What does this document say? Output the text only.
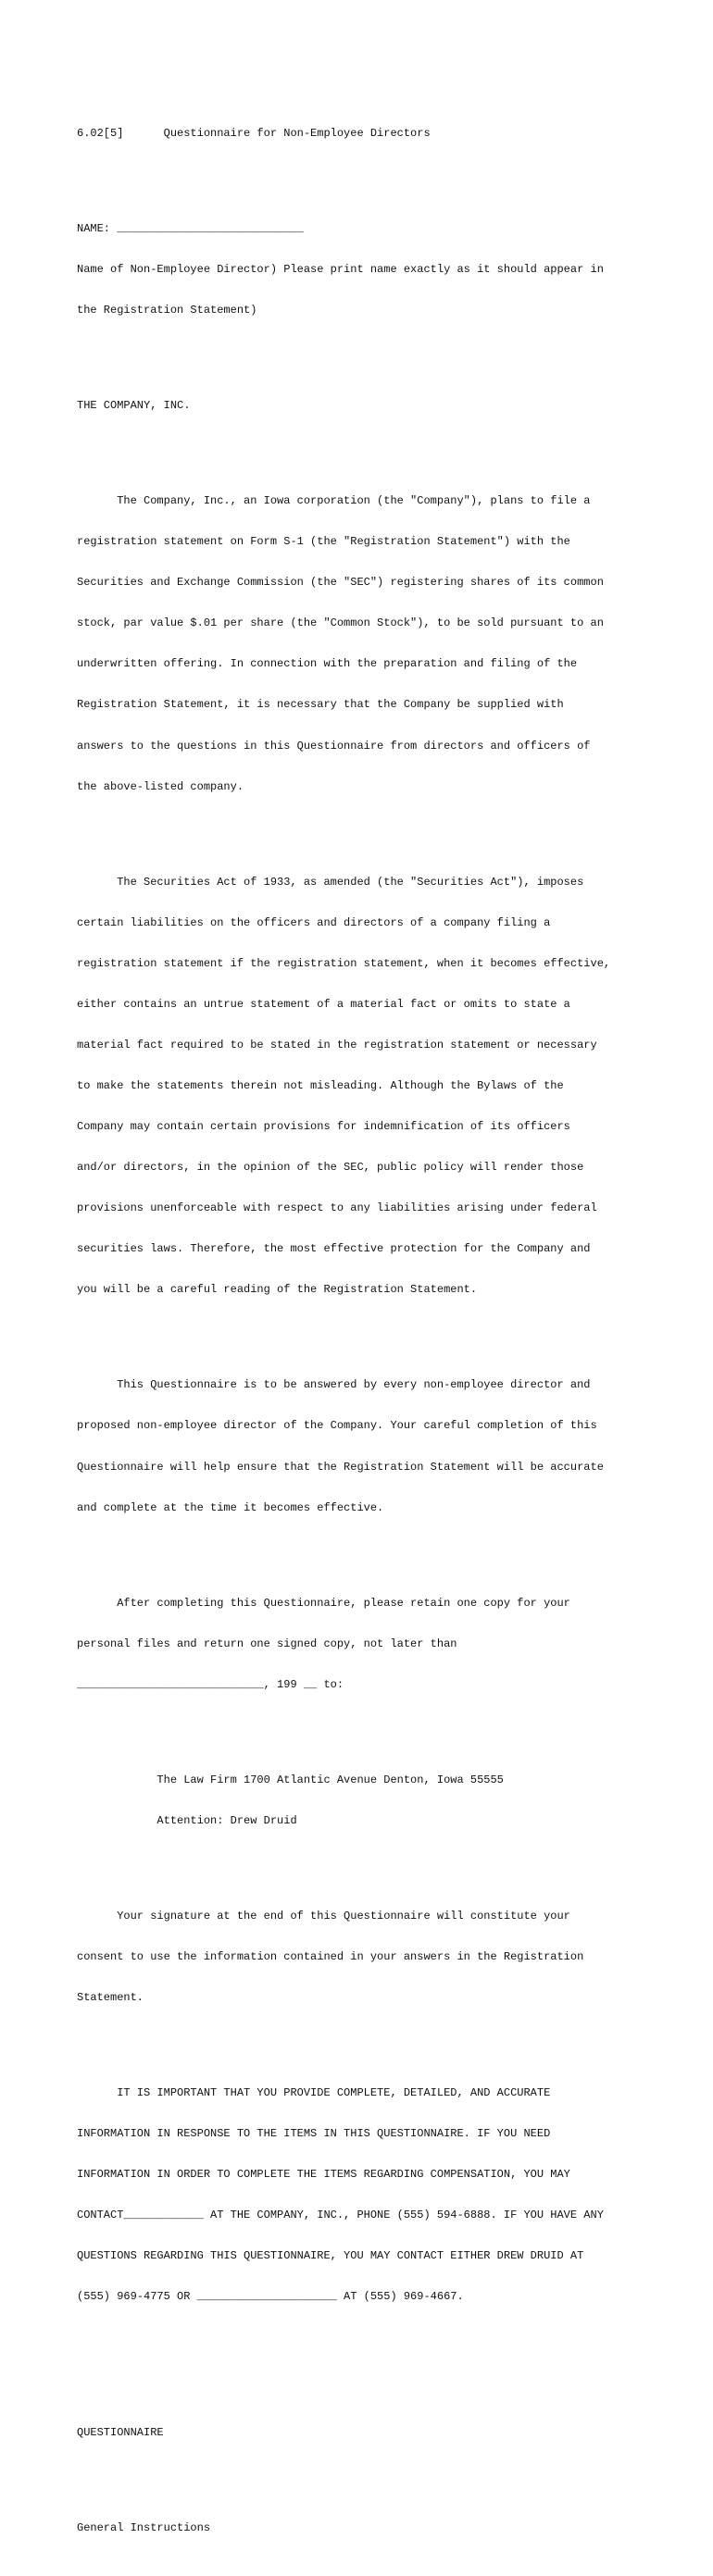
6.02[5]      Questionnaire for Non-Employee Directors

NAME: ____________________________

Name of Non-Employee Director) Please print name exactly as it should appear in

the Registration Statement)

THE COMPANY, INC.

The Company, Inc., an Iowa corporation (the "Company"), plans to file a

registration statement on Form S-1 (the "Registration Statement") with the

Securities and Exchange Commission (the "SEC") registering shares of its common

stock, par value $.01 per share (the "Common Stock"), to be sold pursuant to an

underwritten offering. In connection with the preparation and filing of the

Registration Statement, it is necessary that the Company be supplied with

answers to the questions in this Questionnaire from directors and officers of

the above-listed company.

The Securities Act of 1933, as amended (the "Securities Act"), imposes

certain liabilities on the officers and directors of a company filing a

registration statement if the registration statement, when it becomes effective,

either contains an untrue statement of a material fact or omits to state a

material fact required to be stated in the registration statement or necessary

to make the statements therein not misleading. Although the Bylaws of the

Company may contain certain provisions for indemnification of its officers

and/or directors, in the opinion of the SEC, public policy will render those

provisions unenforceable with respect to any liabilities arising under federal

securities laws. Therefore, the most effective protection for the Company and

you will be a careful reading of the Registration Statement.

This Questionnaire is to be answered by every non-employee director and

proposed non-employee director of the Company. Your careful completion of this

Questionnaire will help ensure that the Registration Statement will be accurate

and complete at the time it becomes effective.

After completing this Questionnaire, please retain one copy for your

personal files and return one signed copy, not later than

____________________________, 199 __ to:

The Law Firm 1700 Atlantic Avenue Denton, Iowa 55555

Attention: Drew Druid

Your signature at the end of this Questionnaire will constitute your

consent to use the information contained in your answers in the Registration

Statement.

IT IS IMPORTANT THAT YOU PROVIDE COMPLETE, DETAILED, AND ACCURATE

INFORMATION IN RESPONSE TO THE ITEMS IN THIS QUESTIONNAIRE. IF YOU NEED

INFORMATION IN ORDER TO COMPLETE THE ITEMS REGARDING COMPENSATION, YOU MAY

CONTACT____________ AT THE COMPANY, INC., PHONE (555) 594-6888. IF YOU HAVE ANY

QUESTIONS REGARDING THIS QUESTIONNAIRE, YOU MAY CONTACT EITHER DREW DRUID AT

(555) 969-4775 OR _____________________ AT (555) 969-4667.

QUESTIONNAIRE

General Instructions
